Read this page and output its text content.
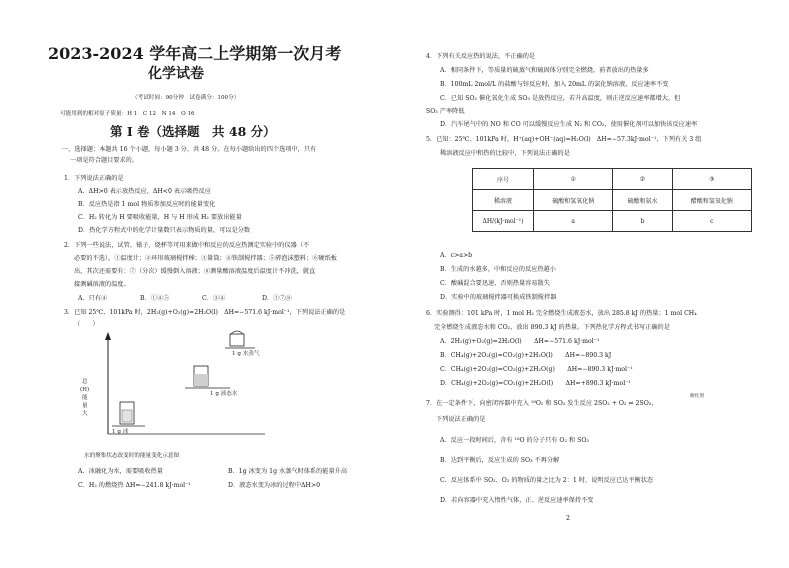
2023-2024 学年高二上学期第一次月考
化学试卷
（考试时间：90分钟　试卷满分：100分）
可能用到的相对原子质量：H 1　C 12　N 14　O 16
第 I 卷（选择题　共 48 分）
一、选择题：本题共 16 个小题，每小题 3 分，共 48 分。在每小题给出的四个选项中，只有
一项是符合题目要求的。
1．下列说法正确的是
A．ΔH>0 表示放热反应，ΔH<0 表示吸热反应
B．反应热是指 1 mol 物质参加反应时的能量变化
C．H₂ 转化为 H 要吸收能量，H 与 H 形成 H₂ 要放出能量
D．热化学方程式中的化学计量数只表示物质的量，可以是分数
2．下列一些说法，试管、镊子、烧杯等可用来做中和反应的反应热测定实验中的仪器（不
必要的不选）。①温度计；②环形玻璃搅拌棒；③量筒；④铁制搅拌器；⑤碎泡沫塑料；⑥硬纸板
出，其次还需要有：⑦（分次）缓慢倒入溶液；⑧测量酸溶液温度后温度计不冲洗，就直
接测碱溶液的温度。
A．只有④	B．①④⑤	C．③④	D．①⑦⑧
3．已知 25℃、101kPa 时，2H₂(g)+O₂(g)=2H₂O(l)　ΔH=−571.6 kJ·mol⁻¹，下列说法正确的是
（　　）
总
(H)
能
量
大
1 g 水蒸气
1 g 液态水
1 g 冰
水的聚集状态改变时的能量变化示意图
A．冰融化为水，需要吸收热量	B．1g 冰变为 1g 水蒸气时体系的能量升高
C．H₂ 的燃烧热 ΔH=−241.8 kJ·mol⁻¹	D．液态水变为冰的过程中ΔH>0
4．下列有关反应热的说法，不正确的是
A．相同条件下，等质量的硫蒸气和硫固体分别完全燃烧，前者放出的热量多
B．100mL 2mol/L 的盐酸与锌反应时，加入 20mL 的氯化钠溶液，反应速率不变
C．已知 SO₂ 催化氧化生成 SO₃ 是放热反应，若升高温度，则正逆反应速率都增大，但
SO₃ 产率降低
D．汽车尾气中的 NO 和 CO 可以缓慢反应生成 N₂ 和 CO₂，使用催化剂可以加快该反应速率
5．已知：25℃、101kPa 时，H⁺(aq)+OH⁻(aq)=H₂O(l)　ΔH=−57.3kJ·mol⁻¹，下列有关 3 组
稀溶液反应中和热的比较中，下列说法正确的是
序号	①	②	③
稀溶液	硫酸和氢氧化钠	硫酸和氨水	醋酸和氢氧化钠
ΔH/(kJ·mol⁻¹)	a	b	c
A．c>a>b
B．生成的水越多，中和反应的反应热越小
C．酸碱混合要迅速，否则热量容易散失
D．实验中的玻璃搅拌器可换成铁制搅拌器
6．实验测得：101 kPa 时，1 mol H₂ 完全燃烧生成液态水，放出 285.8 kJ 的热量；1 mol CH₄
完全燃烧生成液态水和 CO₂，放出 890.3 kJ 的热量。下列热化学方程式书写正确的是
A．2H₂(g)+O₂(g)=2H₂O(l)　　ΔH=−571.6 kJ·mol⁻¹
B．CH₄(g)+2O₂(g)=CO₂(g)+2H₂O(l)　　ΔH=−890.3 kJ
C．CH₄(g)+2O₂(g)=CO₂(g)+2H₂O(g)　　ΔH=−890.3 kJ·mol⁻¹
D．CH₄(g)+2O₂(g)=CO₂(g)+2H₂O(l)　　ΔH=+890.3 kJ·mol⁻¹
7．在一定条件下，向密闭容器中充入 ¹⁸O₂ 和 SO₂ 发生反应 2SO₂ + O₂ ⇌ 2SO₃，
催化剂
下列说法正确的是
A．反应一段时间后，含有 ¹⁸O 的分子只有 O₂ 和 SO₃
B．达到平衡后，反应生成的 SO₃ 不再分解
C．反应体系中 SO₂、O₂ 的物质的量之比为 2：1 时，说明反应已达平衡状态
D．若向容器中充入惰性气体，正、逆反应速率保持不变
2
